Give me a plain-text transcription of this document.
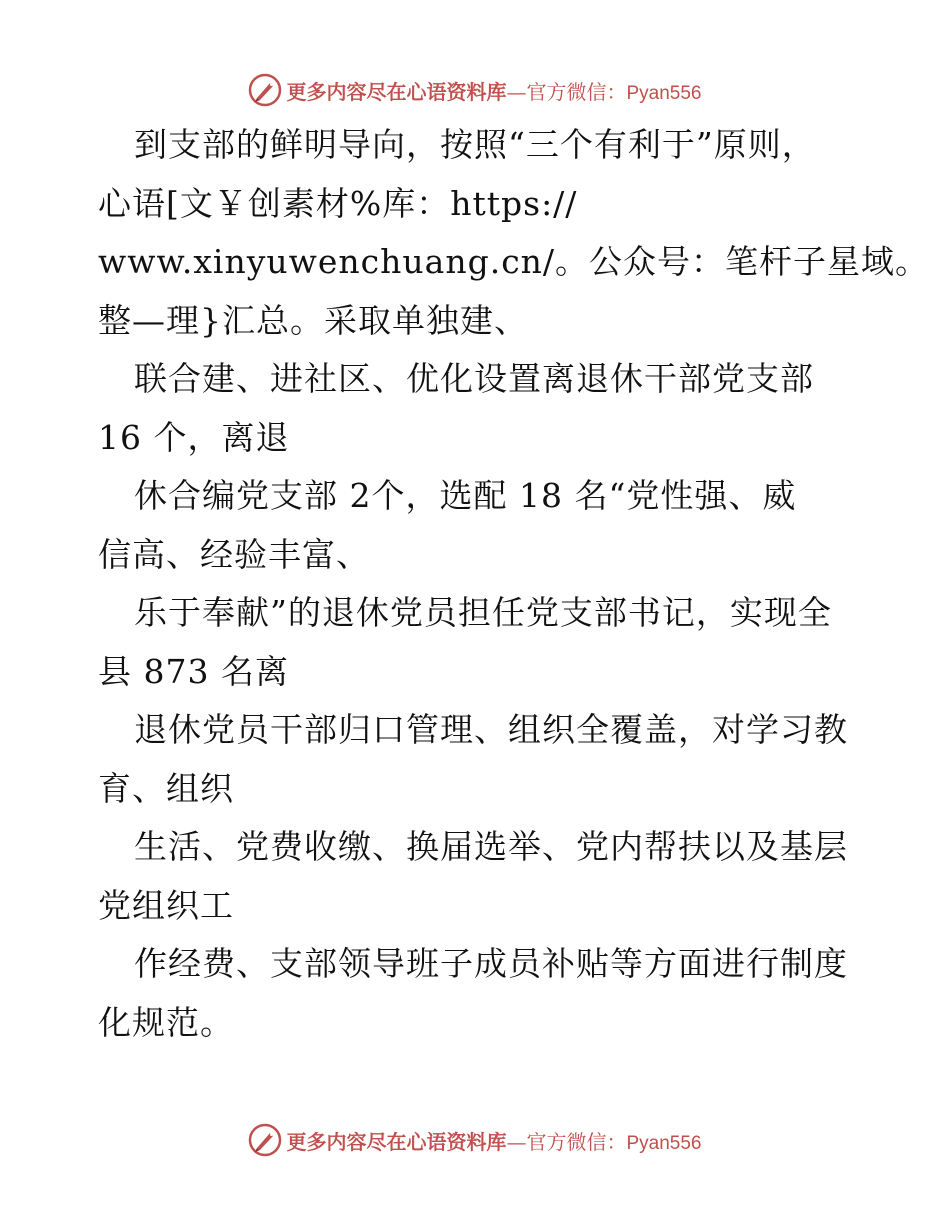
更多内容尽在心语资料库 — 官方微信： Pyan556
到支部的鲜明导向，按照“三个有利于”原则，
心语[文￥创素材%库：https://
www.xinyuwenchuang.cn/。公众号：笔杆子星域。
整—理}汇总。采取单独建、
联合建、进社区、优化设置离退休干部党支部
16 个，离退
休合编党支部 2个，选配 18 名“党性强、威
信高、经验丰富、
乐于奉献”的退休党员担任党支部书记，实现全
县 873 名离
退休党员干部归口管理、组织全覆盖，对学习教
育、组织
生活、党费收缴、换届选举、党内帮扶以及基层
党组织工
作经费、支部领导班子成员补贴等方面进行制度
化规范。
更多内容尽在心语资料库 — 官方微信： Pyan556
